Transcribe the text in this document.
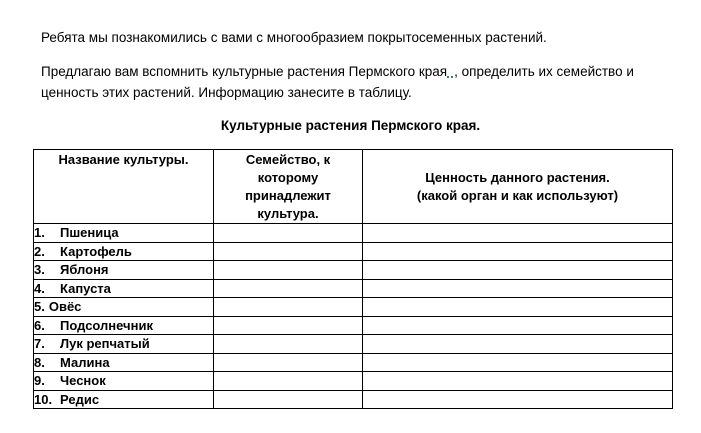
Ребята мы познакомились с вами с многообразием покрытосеменных растений.
Предлагаю вам вспомнить культурные растения Пермского края , определить их семейство и
ценность этих растений. Информацию занесите в таблицу.
Культурные растения Пермского края.
Название культуры.	Семейство, к
которому
принадлежит
культура.	Ценность данного растения.
(какой орган и как используют)
1. Пшеница		
2. Картофель		
3. Яблоня		
4. Капуста		
5. Овёс		
6. Подсолнечник		
7. Лук репчатый		
8. Малина		
9. Чеснок		
10. Редис		
